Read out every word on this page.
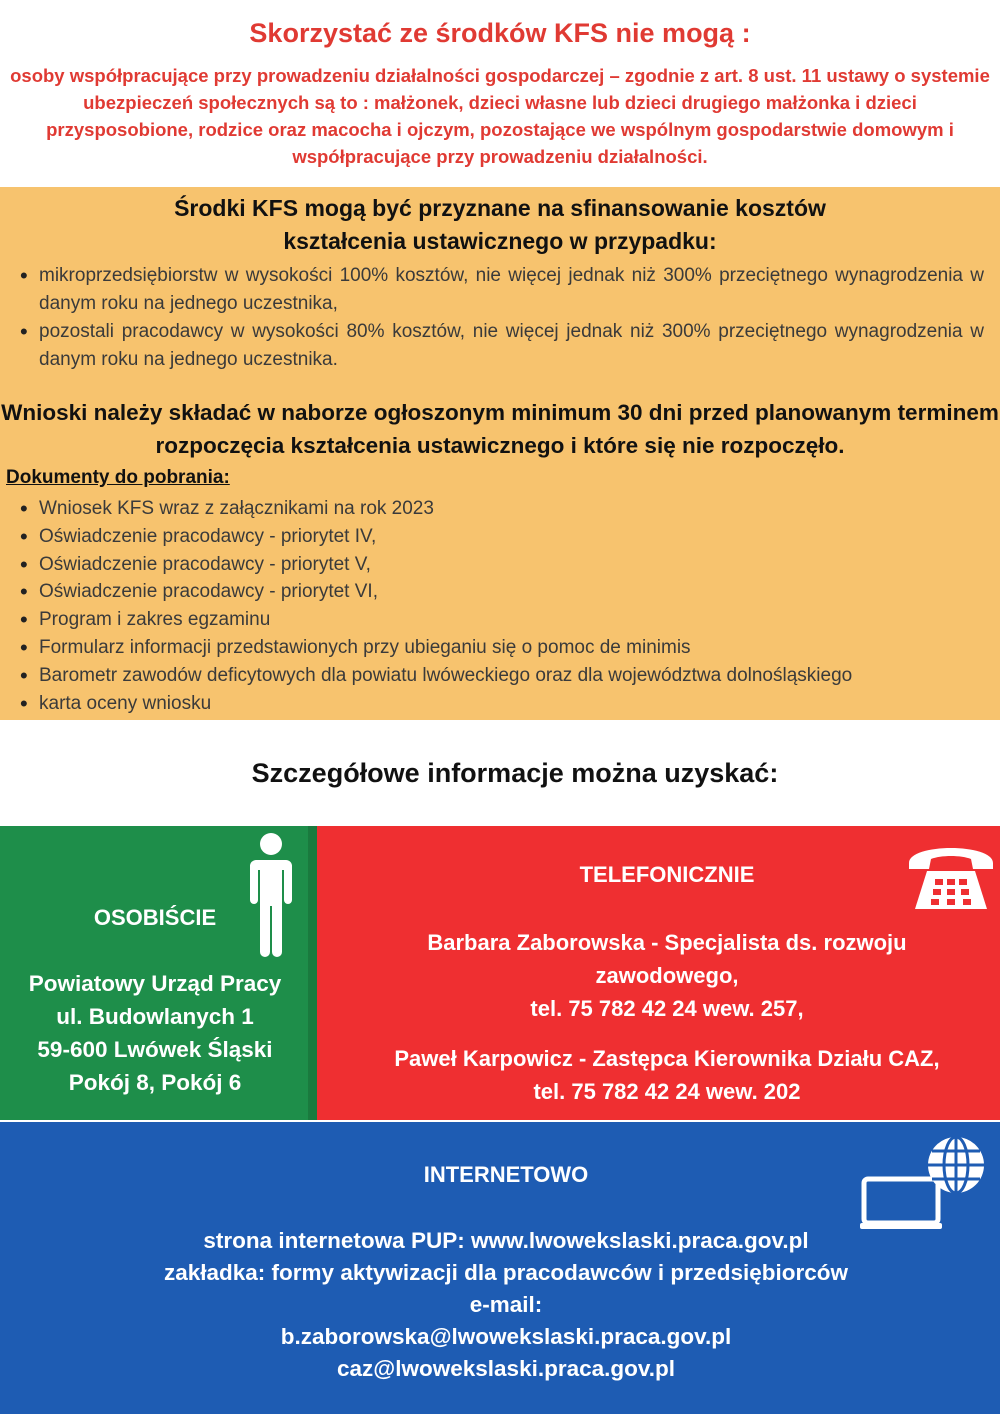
Skorzystać ze środków KFS nie mogą :
osoby współpracujące przy prowadzeniu działalności gospodarczej – zgodnie z art. 8 ust. 11 ustawy o systemie ubezpieczeń społecznych są to : małżonek, dzieci własne lub dzieci drugiego małżonka i dzieci przysposobione, rodzice oraz macocha i ojczym, pozostające we wspólnym gospodarstwie domowym i współpracujące przy prowadzeniu działalności.
Środki KFS mogą być przyznane na sfinansowanie kosztów
kształcenia ustawicznego w przypadku:
• mikroprzedsiębiorstw w wysokości 100% kosztów, nie więcej jednak niż 300% przeciętnego wynagrodzenia w danym roku na jednego uczestnika,
• pozostali pracodawcy w wysokości 80% kosztów, nie więcej jednak niż 300% przeciętnego wynagrodzenia w danym roku na jednego uczestnika.
Wnioski należy składać w naborze ogłoszonym minimum 30 dni przed planowanym terminem rozpoczęcia kształcenia ustawicznego i które się nie rozpoczęło.
Dokumenty do pobrania:
• Wniosek KFS wraz z załącznikami na rok 2023
• Oświadczenie pracodawcy - priorytet IV,
• Oświadczenie pracodawcy - priorytet V,
• Oświadczenie pracodawcy - priorytet VI,
• Program i zakres egzaminu
• Formularz informacji przedstawionych przy ubieganiu się o pomoc de minimis
• Barometr zawodów deficytowych dla powiatu lwóweckiego oraz dla województwa dolnośląskiego
• karta oceny wniosku
Szczegółowe informacje można uzyskać:
OSOBIŚCIE
Powiatowy Urząd Pracy
ul. Budowlanych 1
59-600 Lwówek Śląski
Pokój 8, Pokój 6
TELEFONICZNIE
Barbara Zaborowska - Specjalista ds. rozwoju
zawodowego,
tel. 75 782 42 24 wew. 257,
Paweł Karpowicz - Zastępca Kierownika Działu CAZ,
tel. 75 782 42 24 wew. 202
INTERNETOWO
strona internetowa PUP: www.lwowekslaski.praca.gov.pl
zakładka: formy aktywizacji dla pracodawców i przedsiębiorców
e-mail:
b.zaborowska@lwowekslaski.praca.gov.pl
caz@lwowekslaski.praca.gov.pl
